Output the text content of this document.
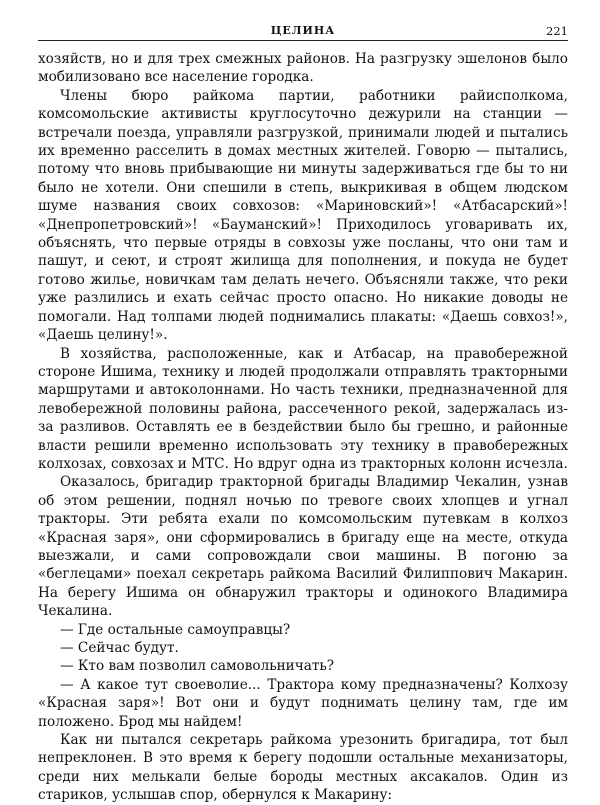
ЦЕЛИНА	221

хозяйств, но и для трех смежных районов. На разгрузку эшелонов было мобилизовано все население городка.

Члены бюро райкома партии, работники райисполкома, комсомольские активисты круглосуточно дежурили на станции — встречали поезда, управляли разгрузкой, принимали людей и пытались их временно расселить в домах местных жителей. Говорю — пытались, потому что вновь прибывающие ни минуты задерживаться где бы то ни было не хотели. Они спешили в степь, выкрикивая в общем людском шуме названия своих совхозов: «Мариновский»! «Атбасарский»! «Днепропетровский»! «Бауманский»! Приходилось уговаривать их, объяснять, что первые отряды в совхозы уже посланы, что они там и пашут, и сеют, и строят жилища для пополнения, и покуда не будет готово жилье, новичкам там делать нечего. Объясняли также, что реки уже разлились и ехать сейчас просто опасно. Но никакие доводы не помогали. Над толпами людей поднимались плакаты: «Даешь совхоз!», «Даешь целину!».

В хозяйства, расположенные, как и Атбасар, на правобережной стороне Ишима, технику и людей продолжали отправлять тракторными маршрутами и автоколоннами. Но часть техники, предназначенной для левобережной половины района, рассеченного рекой, задержалась из-за разливов. Оставлять ее в бездействии было бы грешно, и районные власти решили временно использовать эту технику в правобережных колхозах, совхозах и МТС. Но вдруг одна из тракторных колонн исчезла.

Оказалось, бригадир тракторной бригады Владимир Чекалин, узнав об этом решении, поднял ночью по тревоге своих хлопцев и угнал тракторы. Эти ребята ехали по комсомольским путевкам в колхоз «Красная заря», они сформировались в бригаду еще на месте, откуда выезжали, и сами сопровождали свои машины. В погоню за «беглецами» поехал секретарь райкома Василий Филиппович Макарин. На берегу Ишима он обнаружил тракторы и одинокого Владимира Чекалина.

— Где остальные самоуправцы?

— Сейчас будут.

— Кто вам позволил самовольничать?

— А какое тут своеволие... Трактора кому предназначены? Колхозу «Красная заря»! Вот они и будут поднимать целину там, где им положено. Брод мы найдем!

Как ни пытался секретарь райкома урезонить бригадира, тот был непреклонен. В это время к берегу подошли остальные механизаторы, среди них мелькали белые бороды местных аксакалов. Один из стариков, услышав спор, обернулся к Макарину:
